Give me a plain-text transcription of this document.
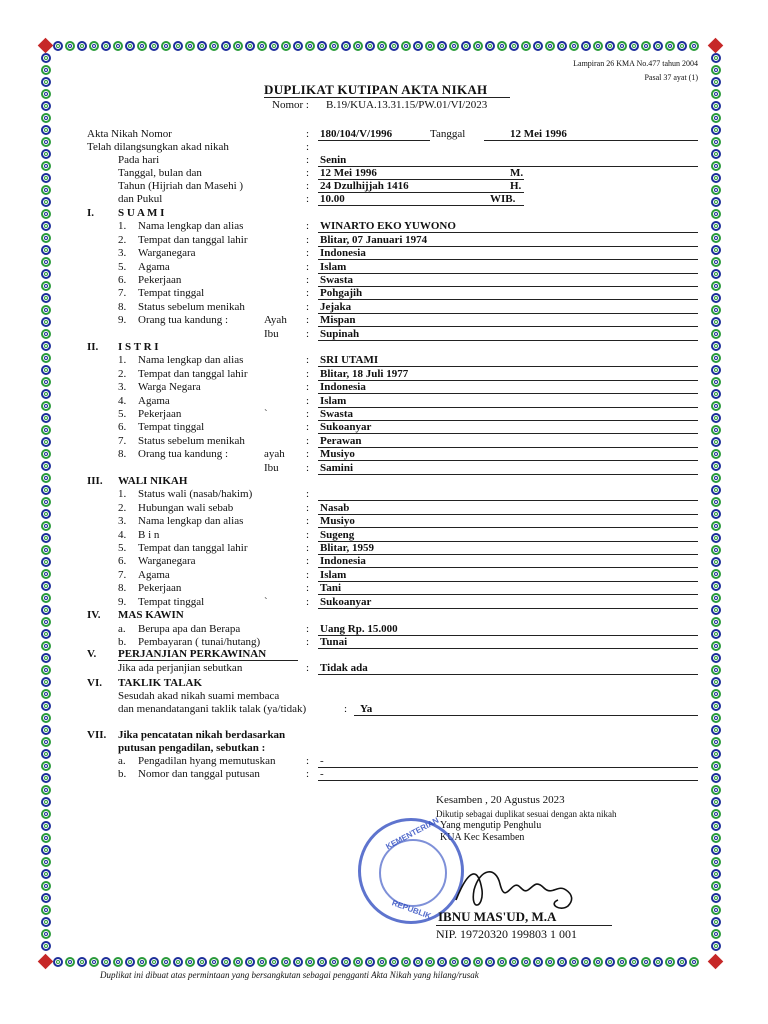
Lampiran 26 KMA No.477 tahun 2004
Pasal 37 ayat (1)
DUPLIKAT KUTIPAN AKTA NIKAH
Nomor : B.19/KUA.13.31.15/PW.01/VI/2023
Akta Nikah Nomor	: 180/104/V/1996	Tanggal	12 Mei 1996
Telah dilangsungkan akad nikah	:
Pada hari	: Senin
Tanggal, bulan dan	: 12 Mei 1996	M.
Tahun (Hijriah dan Masehi )	: 24 Dzulhijjah 1416	H.
dan Pukul	: 10.00	WIB.
I. S U A M I
1. Nama lengkap dan alias	: WINARTO EKO YUWONO
2. Tempat dan tanggal lahir	: Blitar, 07 Januari 1974
3. Warganegara	: Indonesia
5. Agama	: Islam
6. Pekerjaan	: Swasta
7. Tempat tinggal	: Pohgajih
8. Status sebelum menikah	: Jejaka
9. Orang tua kandung :	Ayah : Mispan
Ibu : Supinah
II. I S T R I
1. Nama lengkap dan alias	: SRI UTAMI
2. Tempat dan tanggal lahir	: Blitar, 18 Juli 1977
3. Warga Negara	: Indonesia
4. Agama	: Islam
5. Pekerjaan	`	: Swasta
6. Tempat tinggal	: Sukoanyar
7. Status sebelum menikah	: Perawan
8. Orang tua kandung :	ayah : Musiyo
Ibu : Samini
III. WALI NIKAH
1. Status wali (nasab/hakim)	:
2. Hubungan wali sebab	: Nasab
3. Nama lengkap dan alias	: Musiyo
4. B i n	: Sugeng
5. Tempat dan tanggal lahir	: Blitar, 1959
6. Warganegara	: Indonesia
7. Agama	: Islam
8. Pekerjaan	: Tani
9. Tempat tinggal	`	: Sukoanyar
IV. MAS KAWIN
a. Berupa apa dan Berapa	: Uang Rp. 15.000
b. Pembayaran ( tunai/hutang)	: Tunai
V. PERJANJIAN PERKAWINAN
Jika ada perjanjian sebutkan	: Tidak ada
VI. TAKLIK TALAK
Sesudah akad nikah suami membaca
dan menandatangani taklik talak (ya/tidak)	: Ya
VII. Jika pencatatan nikah berdasarkan
putusan pengadilan, sebutkan :
a. Pengadilan hyang memutuskan	: -
b. Nomor dan tanggal putusan	: -
Kesamben , 20 Agustus 2023
Dikutip sebagai duplikat sesuai dengan akta nikah
Yang mengutip Penghulu
KUA Kec Kesamben
KEMENTERIAN
REPUBLIK IBNU MAS'UD, M.A
NIP. 19720320 199803 1 001
Duplikat ini dibuat atas permintaan yang bersangkutan sebagai pengganti Akta Nikah yang hilang/rusak
